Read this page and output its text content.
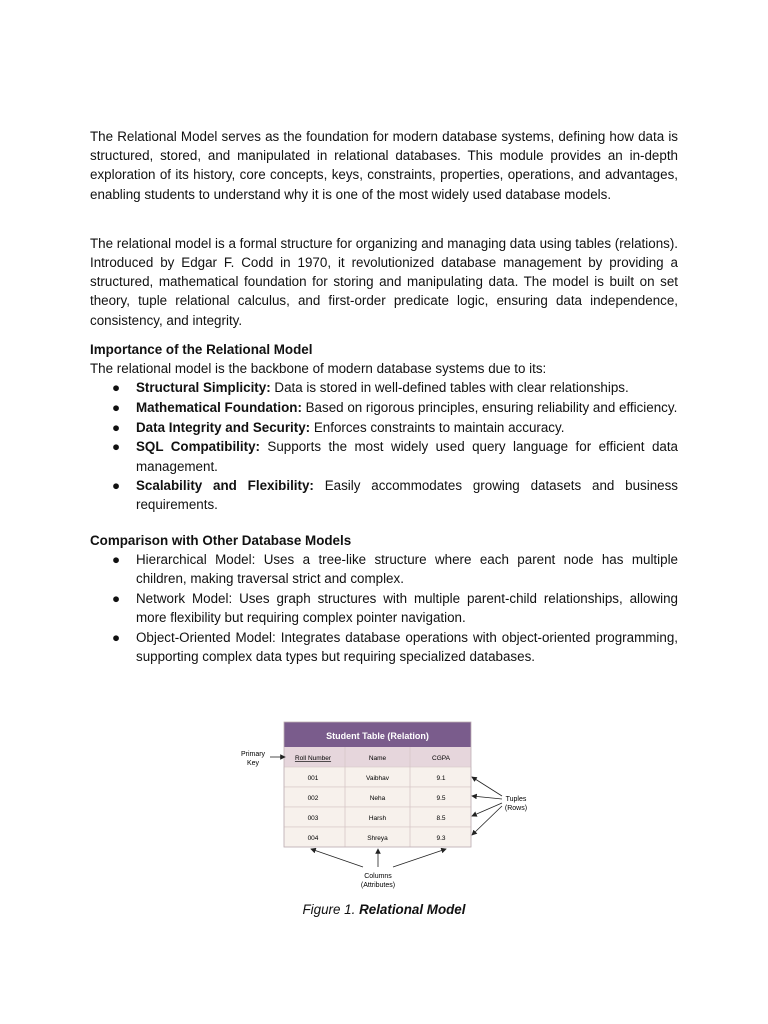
The Relational Model serves as the foundation for modern database systems, defining how data is structured, stored, and manipulated in relational databases. This module provides an in-depth exploration of its history, core concepts, keys, constraints, properties, operations, and advantages, enabling students to understand why it is one of the most widely used database models.

The relational model is a formal structure for organizing and managing data using tables (relations). Introduced by Edgar F. Codd in 1970, it revolutionized database management by providing a structured, mathematical foundation for storing and manipulating data. The model is built on set theory, tuple relational calculus, and first-order predicate logic, ensuring data independence, consistency, and integrity.

Importance of the Relational Model

The relational model is the backbone of modern database systems due to its:

● Structural Simplicity: Data is stored in well-defined tables with clear relationships.
● Mathematical Foundation: Based on rigorous principles, ensuring reliability and efficiency.
● Data Integrity and Security: Enforces constraints to maintain accuracy.
● SQL Compatibility: Supports the most widely used query language for efficient data management.
● Scalability and Flexibility: Easily accommodates growing datasets and business requirements.
Comparison with Other Database Models
● Hierarchical Model: Uses a tree-like structure where each parent node has multiple children, making traversal strict and complex.
● Network Model: Uses graph structures with multiple parent-child relationships, allowing more flexibility but requiring complex pointer navigation.
● Object-Oriented Model: Integrates database operations with object-oriented programming, supporting complex data types but requiring specialized databases.
Student Table (Relation)
Roll Number	Name	CGPA
001	Vaibhav	9.1
002	Neha	9.5
003	Harsh	8.5
004	Shreya	9.3
Primary
Key
Tuples
(Rows)
Columns
(Attributes)
Figure 1. Relational Model
